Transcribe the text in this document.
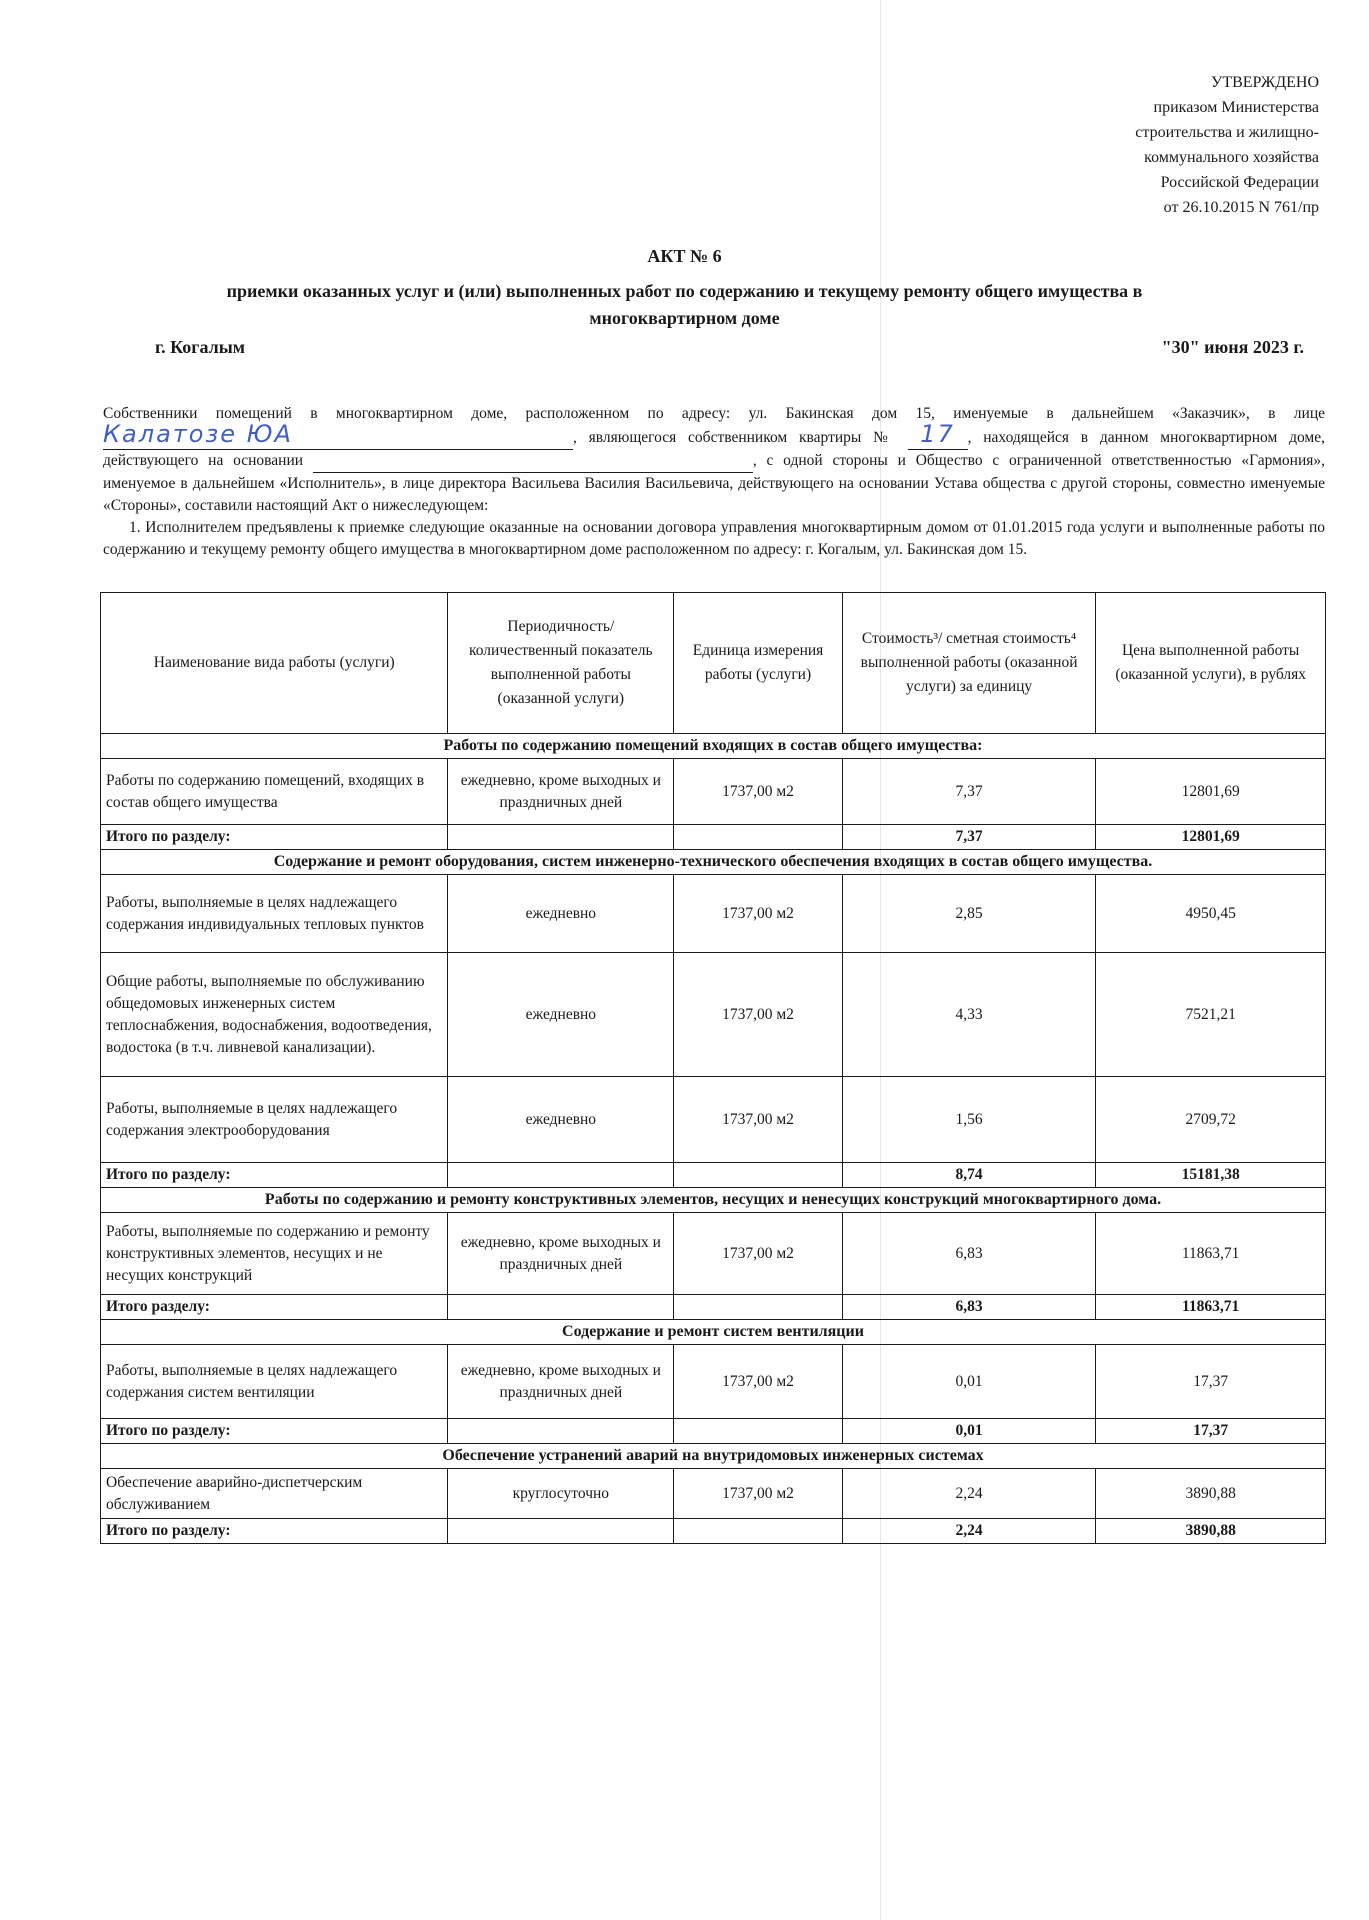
УТВЕРЖДЕНО
приказом Министерства
строительства и жилищно-
коммунального хозяйства
Российской Федерации
от 26.10.2015 N 761/пр
АКТ № 6
приемки оказанных услуг и (или) выполненных работ по содержанию и текущему ремонту общего имущества в многоквартирном доме
г. Когалым	"30" июня 2023 г.

Собственники помещений в многоквартирном доме, расположенном по адресу: ул. Бакинская дом 15, именуемые в дальнейшем «Заказчик», в лице Калатозе ЮА	, являющегося собственником квартиры № 17 , находящейся в данном многоквартирном доме, действующего на основании	, с одной стороны и Общество с ограниченной ответственностью «Гармония», именуемое в дальнейшем «Исполнитель», в лице директора Васильева Василия Васильевича, действующего на основании Устава общества с другой стороны, совместно именуемые «Стороны», составили настоящий Акт о нижеследующем:

1. Исполнителем предъявлены к приемке следующие оказанные на основании договора управления многоквартирным домом от 01.01.2015 года услуги и выполненные работы по содержанию и текущему ремонту общего имущества в многоквартирном доме расположенном по адресу: г. Когалым, ул. Бакинская дом 15.

Наименование вида работы (услуги)	Периодичность/ количественный показатель выполненной работы (оказанной услуги)	Единица измерения работы (услуги)	Стоимость³/ сметная стоимость⁴ выполненной работы (оказанной услуги) за единицу	Цена выполненной работы (оказанной услуги), в рублях
Работы по содержанию помещений входящих в состав общего имущества:				
Работы по содержанию помещений, входящих в состав общего имущества	ежедневно, кроме выходных и праздничных дней	1737,00 м2	7,37	12801,69
Итого по разделу:			7,37	12801,69
Содержание и ремонт оборудования, систем инженерно-технического обеспечения входящих в состав общего имущества.				
Работы, выполняемые в целях надлежащего содержания индивидуальных тепловых пунктов	ежедневно	1737,00 м2	2,85	4950,45
Общие работы, выполняемые по обслуживанию общедомовых инженерных систем теплоснабжения, водоснабжения, водоотведения, водостока (в т.ч. ливневой канализации).	ежедневно	1737,00 м2	4,33	7521,21
Работы, выполняемые в целях надлежащего содержания электрооборудования	ежедневно	1737,00 м2	1,56	2709,72
Итого по разделу:			8,74	15181,38
Работы по содержанию и ремонту конструктивных элементов, несущих и ненесущих конструкций многоквартирного дома.				
Работы, выполняемые по содержанию и ремонту конструктивных элементов, несущих и не несущих конструкций	ежедневно, кроме выходных и праздничных дней	1737,00 м2	6,83	11863,71
Итого разделу:			6,83	11863,71
Содержание и ремонт систем вентиляции				
Работы, выполняемые в целях надлежащего содержания систем вентиляции	ежедневно, кроме выходных и праздничных дней	1737,00 м2	0,01	17,37
Итого по разделу:			0,01	17,37
Обеспечение устранений аварий на внутридомовых инженерных системах				
Обеспечение аварийно-диспетчерским обслуживанием	круглосуточно	1737,00 м2	2,24	3890,88
Итого по разделу:			2,24	3890,88
